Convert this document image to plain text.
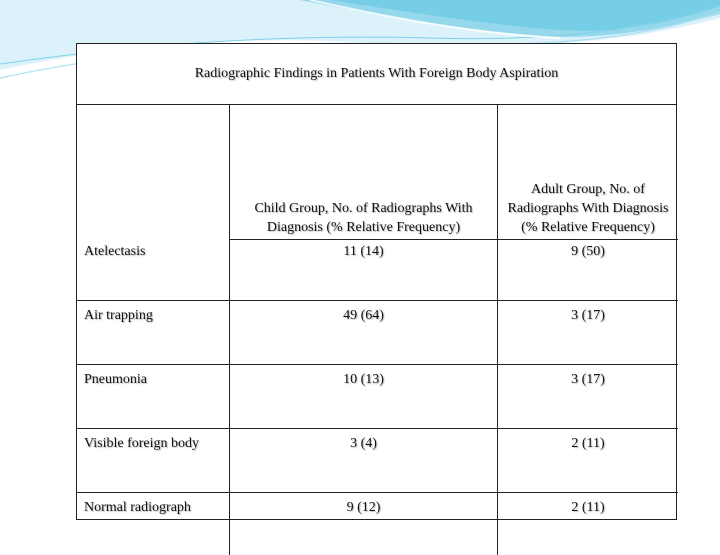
Radiographic Findings in Patients With Foreign Body Aspiration
	Child Group, No. of Radiographs With Diagnosis (% Relative Frequency)	Adult Group, No. of Radiographs With Diagnosis (% Relative Frequency)
Atelectasis	11 (14)	9 (50)
Air trapping	49 (64)	3 (17)
Pneumonia	10 (13)	3 (17)
Visible foreign body	3 (4)	2 (11)
Normal radiograph	9 (12)	2 (11)
